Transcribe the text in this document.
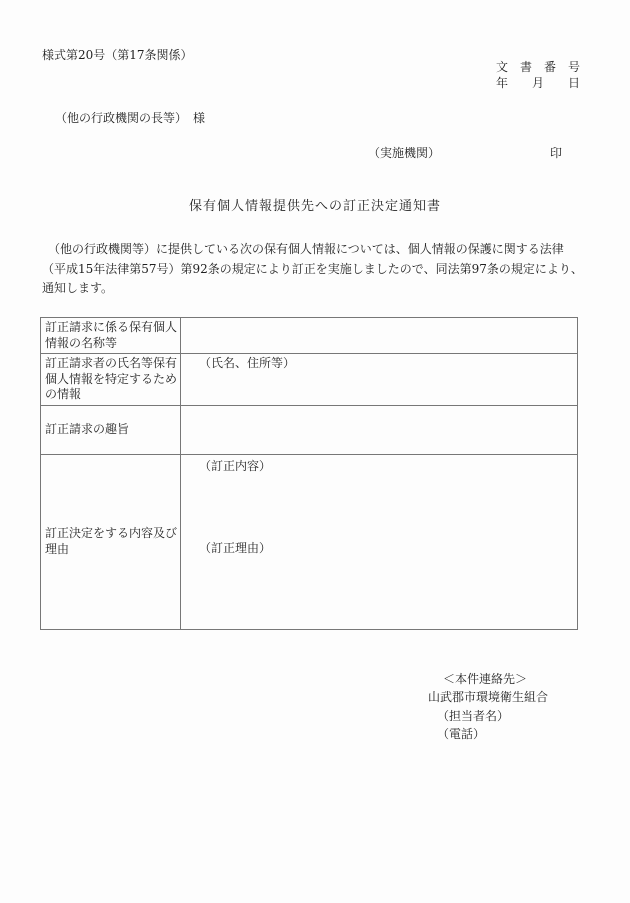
様式第20号（第17条関係）
文　書　番　号
年　　月　　日
（他の行政機関の長等）　様
（実施機関）	印
保有個人情報提供先への訂正決定通知書
　（他の行政機関等）に提供している次の保有個人情報については、個人情報の保護に関する法律
（平成15年法律第57号）第92条の規定により訂正を実施しましたので、同法第97条の規定により、
通知します。
訂正請求に係る保有個人情報の名称等	
訂正請求者の氏名等保有個人情報を特定するための情報	（氏名、住所等）
訂正請求の趣旨	
訂正決定をする内容及び理由	（訂正内容）
（訂正理由）
＜本件連絡先＞
山武郡市環境衛生組合
（担当者名）
（電話）
